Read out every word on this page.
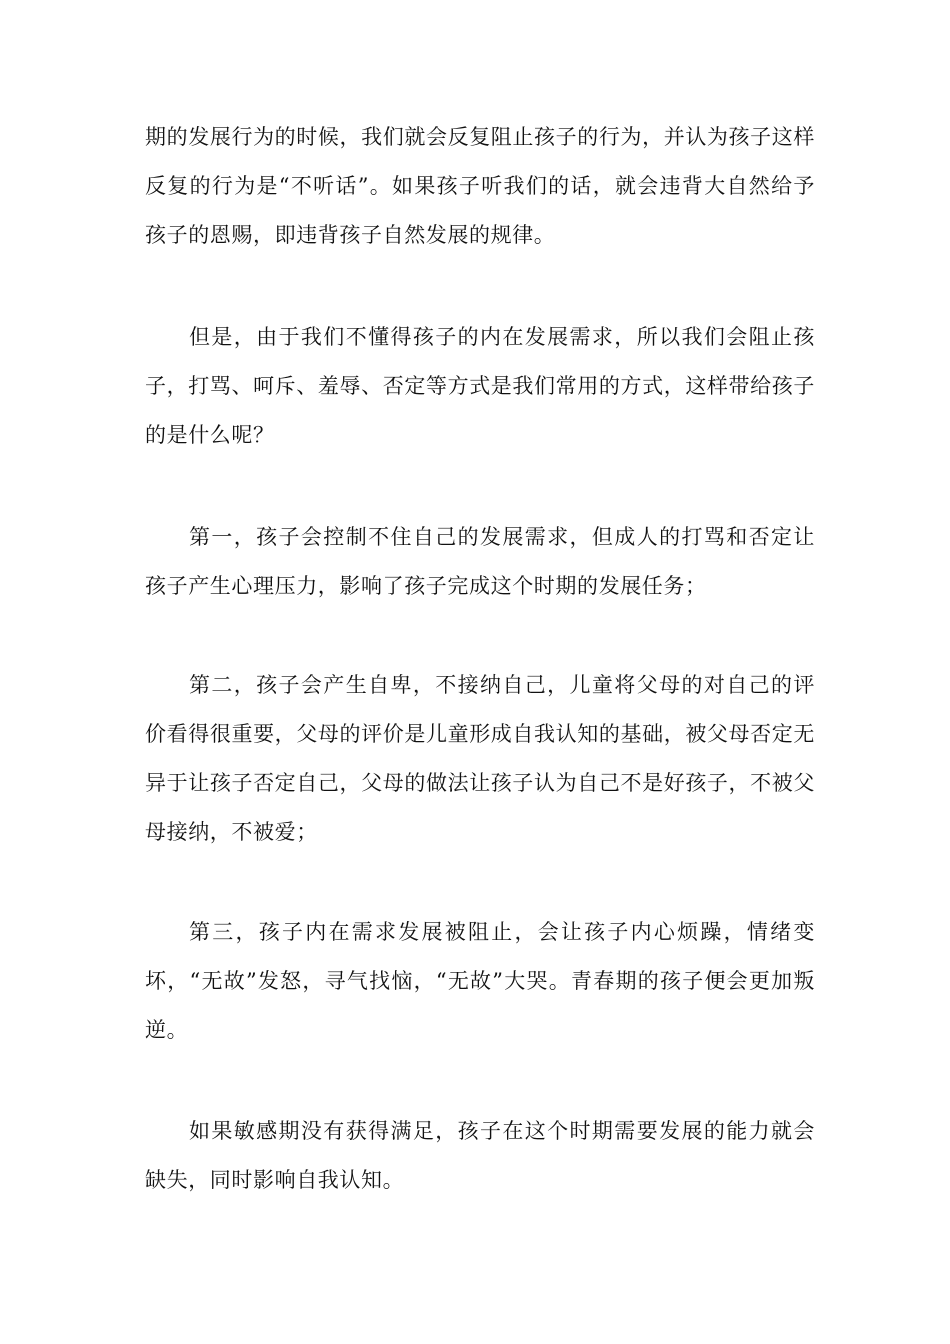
期的发展行为的时候，我们就会反复阻止孩子的行为，并认为孩子这样反复的行为是“不听话”。如果孩子听我们的话，就会违背大自然给予孩子的恩赐，即违背孩子自然发展的规律。

但是，由于我们不懂得孩子的内在发展需求，所以我们会阻止孩子，打骂、呵斥、羞辱、否定等方式是我们常用的方式，这样带给孩子的是什么呢？

第一，孩子会控制不住自己的发展需求，但成人的打骂和否定让孩子产生心理压力，影响了孩子完成这个时期的发展任务；

第二，孩子会产生自卑，不接纳自己，儿童将父母的对自己的评价看得很重要，父母的评价是儿童形成自我认知的基础，被父母否定无异于让孩子否定自己，父母的做法让孩子认为自己不是好孩子，不被父母接纳，不被爱；

第三，孩子内在需求发展被阻止，会让孩子内心烦躁，情绪变坏，“无故”发怒，寻气找恼，“无故”大哭。青春期的孩子便会更加叛逆。

如果敏感期没有获得满足，孩子在这个时期需要发展的能力就会缺失，同时影响自我认知。
